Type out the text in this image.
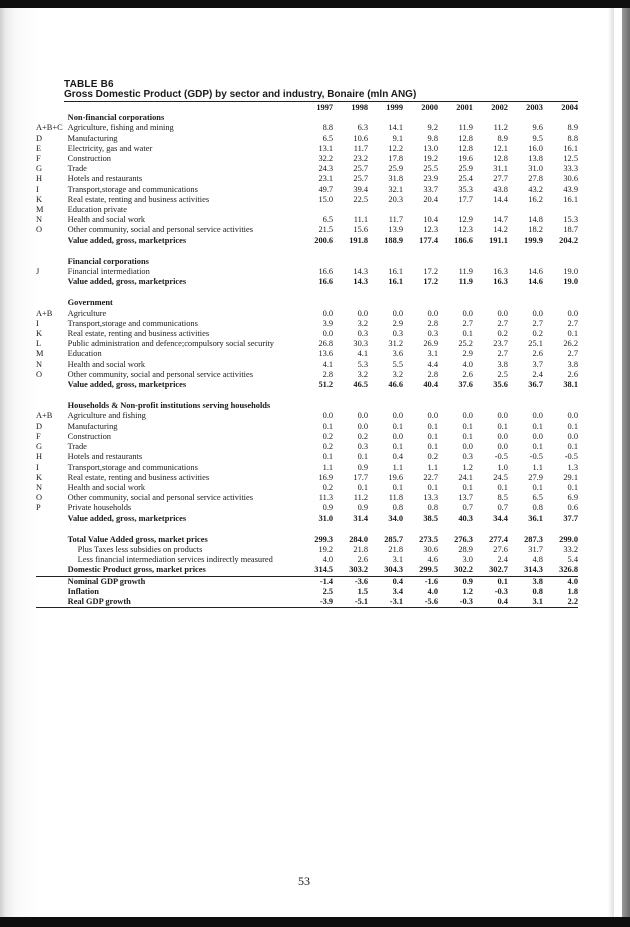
TABLE B6
Gross Domestic Product (GDP) by sector and industry, Bonaire (mln ANG)
		1997	1998	1999	2000	2001	2002	2003	2004
	Non-financial corporations								
A+B+C	Agriculture, fishing and mining	8.8	6.3	14.1	9.2	11.9	11.2	9.6	8.9
D	Manufacturing	6.5	10.6	9.1	9.8	12.8	8.9	9.5	8.8
E	Electricity, gas and water	13.1	11.7	12.2	13.0	12.8	12.1	16.0	16.1
F	Construction	32.2	23.2	17.8	19.2	19.6	12.8	13.8	12.5
G	Trade	24.3	25.7	25.9	25.5	25.9	31.1	31.0	33.3
H	Hotels and restaurants	23.1	25.7	31.8	23.9	25.4	27.7	27.8	30.6
I	Transport,storage and communications	49.7	39.4	32.1	33.7	35.3	43.8	43.2	43.9
K	Real estate, renting and business activities	15.0	22.5	20.3	20.4	17.7	14.4	16.2	16.1
M	Education private								
N	Health and social work	6.5	11.1	11.7	10.4	12.9	14.7	14.8	15.3
O	Other community, social and personal service activities	21.5	15.6	13.9	12.3	12.3	14.2	18.2	18.7
	Value added, gross, marketprices	200.6	191.8	188.9	177.4	186.6	191.1	199.9	204.2

	Financial corporations								
J	Financial intermediation	16.6	14.3	16.1	17.2	11.9	16.3	14.6	19.0
	Value added, gross, marketprices	16.6	14.3	16.1	17.2	11.9	16.3	14.6	19.0

	Government								
A+B	Agriculture	0.0	0.0	0.0	0.0	0.0	0.0	0.0	0.0
I	Transport,storage and communications	3.9	3.2	2.9	2.8	2.7	2.7	2.7	2.7
K	Real estate, renting and business activities	0.0	0.3	0.3	0.3	0.1	0.2	0.2	0.1
L	Public administration and defence;compulsory social security	26.8	30.3	31.2	26.9	25.2	23.7	25.1	26.2
M	Education	13.6	4.1	3.6	3.1	2.9	2.7	2.6	2.7
N	Health and social work	4.1	5.3	5.5	4.4	4.0	3.8	3.7	3.8
O	Other community, social and personal service activities	2.8	3.2	3.2	2.8	2.6	2.5	2.4	2.6
	Value added, gross, marketprices	51.2	46.5	46.6	40.4	37.6	35.6	36.7	38.1

	Households & Non-profit institutions serving households								
A+B	Agriculture and fishing	0.0	0.0	0.0	0.0	0.0	0.0	0.0	0.0
D	Manufacturing	0.1	0.0	0.1	0.1	0.1	0.1	0.1	0.1
F	Construction	0.2	0.2	0.0	0.1	0.1	0.0	0.0	0.0
G	Trade	0.2	0.3	0.1	0.1	0.0	0.0	0.1	0.1
H	Hotels and restaurants	0.1	0.1	0.4	0.2	0.3	-0.5	-0.5	-0.5
I	Transport,storage and communications	1.1	0.9	1.1	1.1	1.2	1.0	1.1	1.3
K	Real estate, renting and business activities	16.9	17.7	19.6	22.7	24.1	24.5	27.9	29.1
N	Health and social work	0.2	0.1	0.1	0.1	0.1	0.1	0.1	0.1
O	Other community, social and personal service activities	11.3	11.2	11.8	13.3	13.7	8.5	6.5	6.9
P	Private households	0.9	0.9	0.8	0.8	0.7	0.7	0.8	0.6
	Value added, gross, marketprices	31.0	31.4	34.0	38.5	40.3	34.4	36.1	37.7

	Total Value Added gross, market prices	299.3	284.0	285.7	273.5	276.3	277.4	287.3	299.0
	Plus Taxes less subsidies on products	19.2	21.8	21.8	30.6	28.9	27.6	31.7	33.2
	Less financial intermediation services indirectly measured	4.0	2.6	3.1	4.6	3.0	2.4	4.8	5.4
	Domestic Product gross, market prices	314.5	303.2	304.3	299.5	302.2	302.7	314.3	326.8
	Nominal GDP growth	-1.4	-3.6	0.4	-1.6	0.9	0.1	3.8	4.0
	Inflation	2.5	1.5	3.4	4.0	1.2	-0.3	0.8	1.8
	Real GDP growth	-3.9	-5.1	-3.1	-5.6	-0.3	0.4	3.1	2.2
53
